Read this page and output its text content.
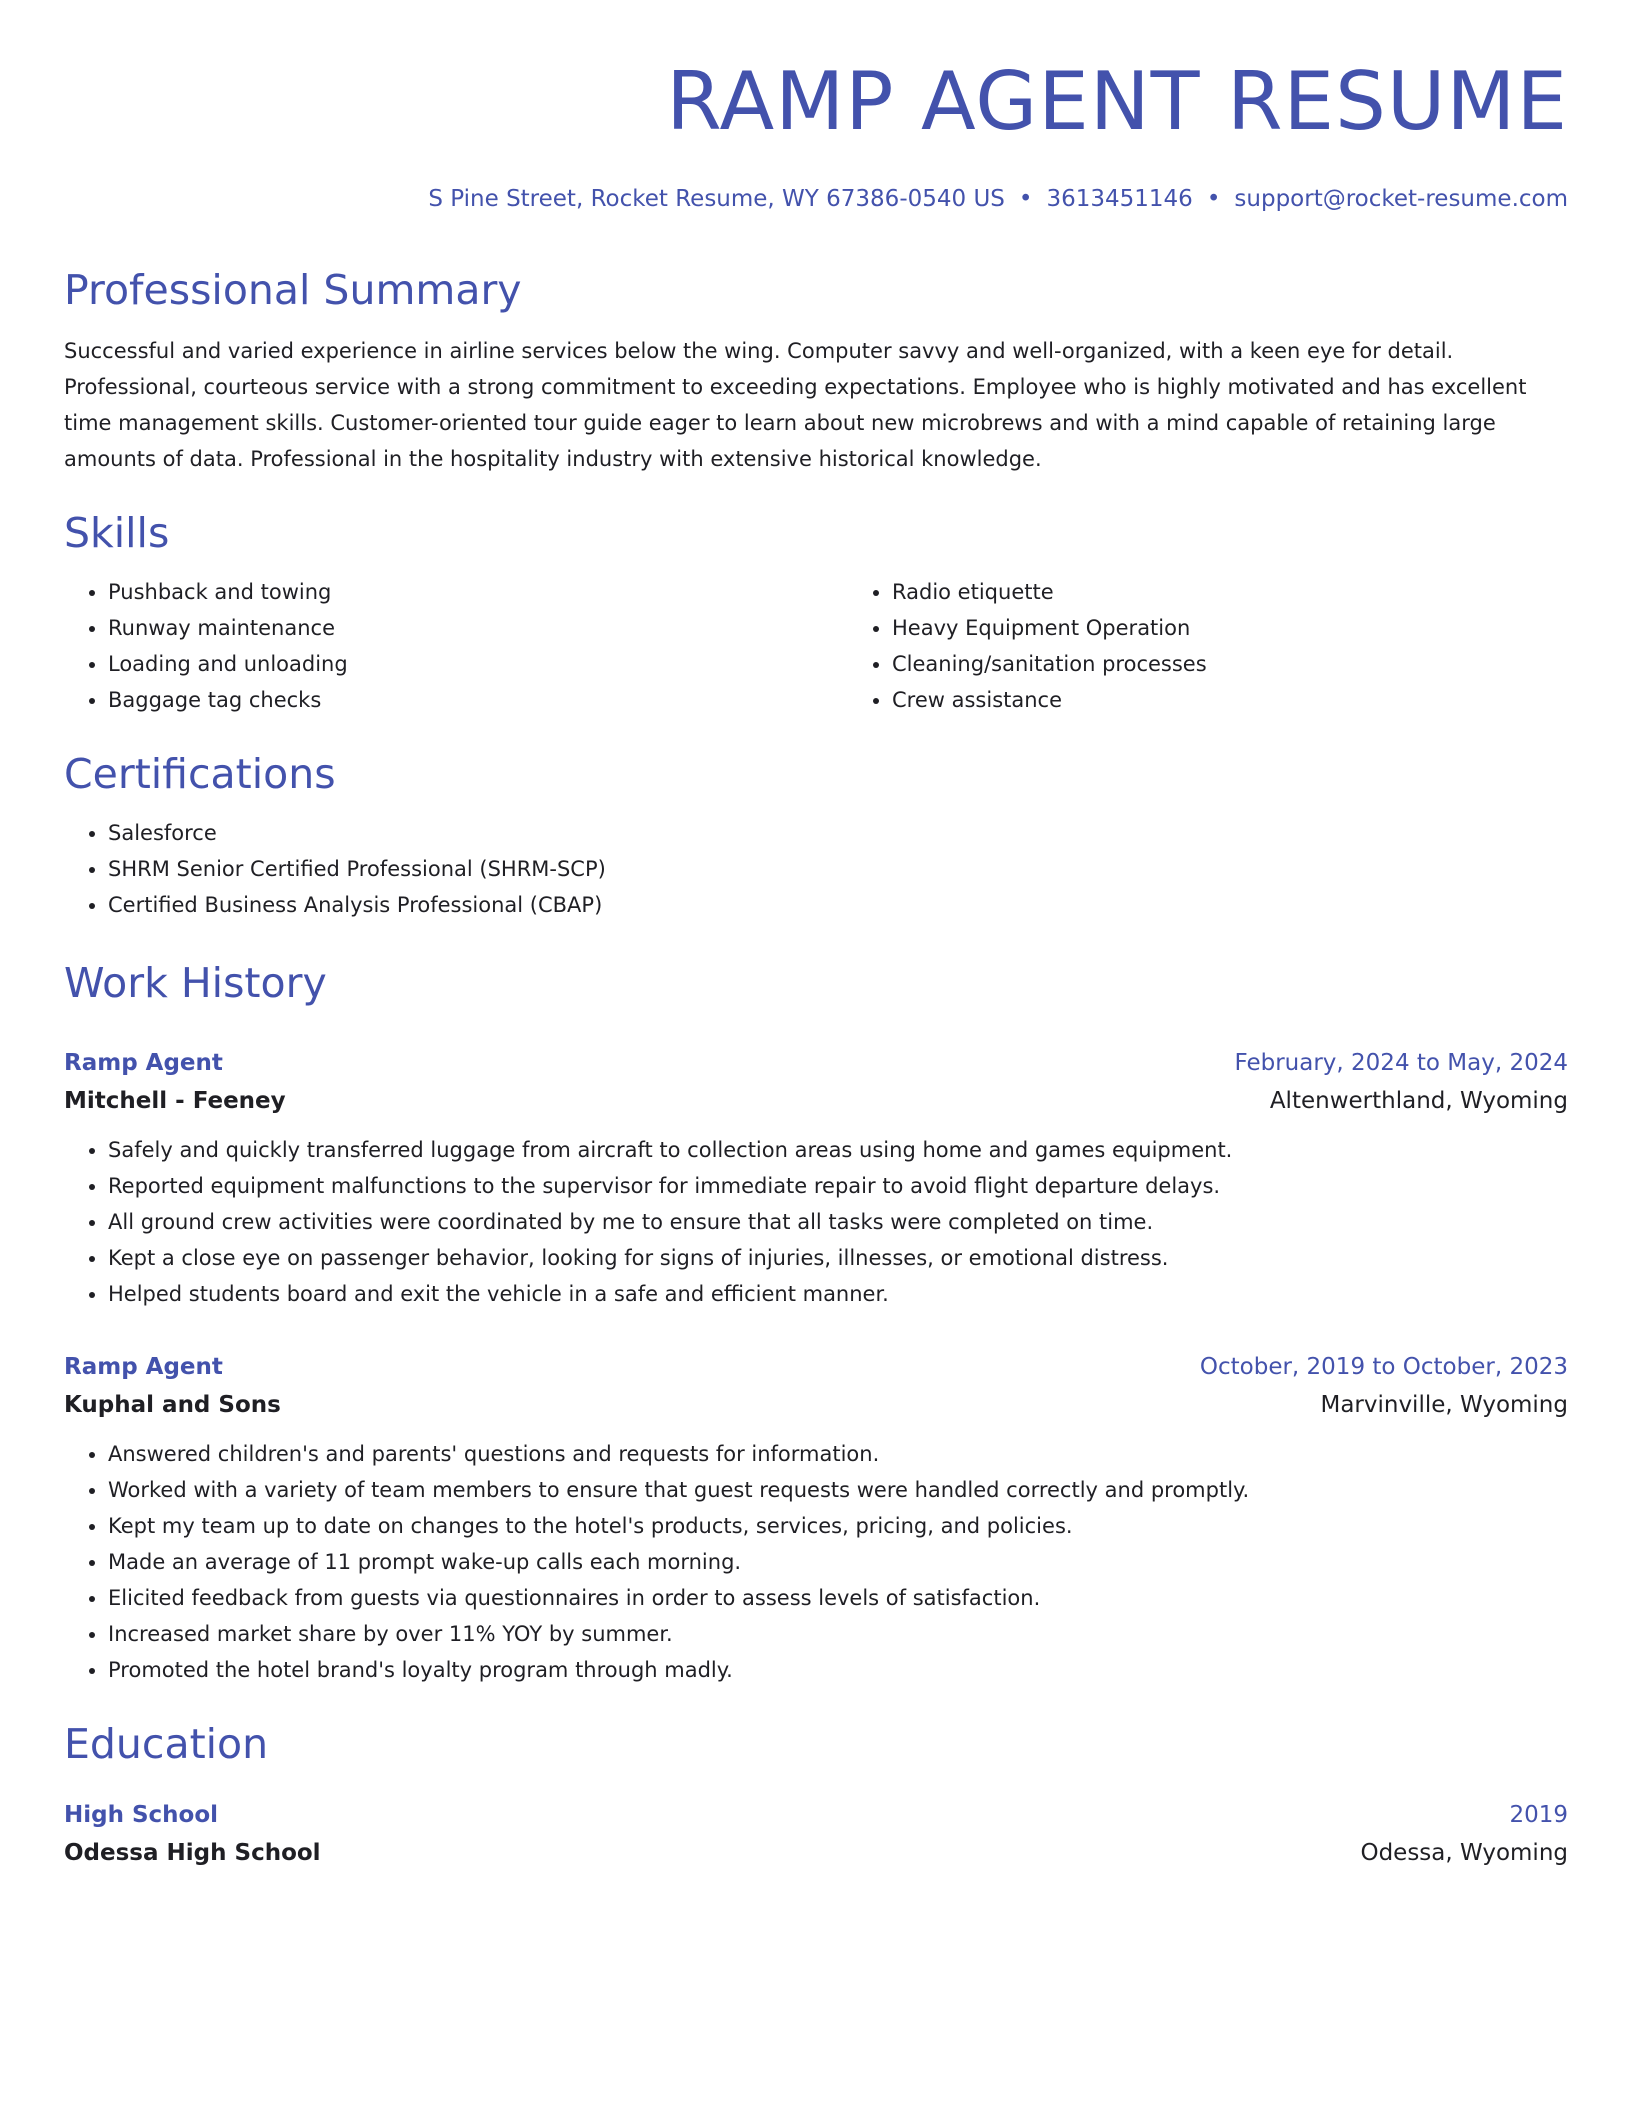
RAMP AGENT RESUME
S Pine Street, Rocket Resume, WY 67386-0540 US • 3613451146 • support@rocket-resume.com
Professional Summary
Successful and varied experience in airline services below the wing. Computer savvy and well-organized, with a keen eye for detail. Professional, courteous service with a strong commitment to exceeding expectations. Employee who is highly motivated and has excellent time management skills. Customer-oriented tour guide eager to learn about new microbrews and with a mind capable of retaining large amounts of data. Professional in the hospitality industry with extensive historical knowledge.
Skills
• Pushback and towing
• Runway maintenance
• Loading and unloading
• Baggage tag checks
• Radio etiquette
• Heavy Equipment Operation
• Cleaning/sanitation processes
• Crew assistance
Certifications
• Salesforce
• SHRM Senior Certified Professional (SHRM-SCP)
• Certified Business Analysis Professional (CBAP)
Work History
Ramp Agent	February, 2024 to May, 2024
Mitchell - Feeney	Altenwerthland, Wyoming
• Safely and quickly transferred luggage from aircraft to collection areas using home and games equipment.
• Reported equipment malfunctions to the supervisor for immediate repair to avoid flight departure delays.
• All ground crew activities were coordinated by me to ensure that all tasks were completed on time.
• Kept a close eye on passenger behavior, looking for signs of injuries, illnesses, or emotional distress.
• Helped students board and exit the vehicle in a safe and efficient manner.
Ramp Agent	October, 2019 to October, 2023
Kuphal and Sons	Marvinville, Wyoming
• Answered children's and parents' questions and requests for information.
• Worked with a variety of team members to ensure that guest requests were handled correctly and promptly.
• Kept my team up to date on changes to the hotel's products, services, pricing, and policies.
• Made an average of 11 prompt wake-up calls each morning.
• Elicited feedback from guests via questionnaires in order to assess levels of satisfaction.
• Increased market share by over 11% YOY by summer.
• Promoted the hotel brand's loyalty program through madly.
Education
High School	2019
Odessa High School	Odessa, Wyoming
